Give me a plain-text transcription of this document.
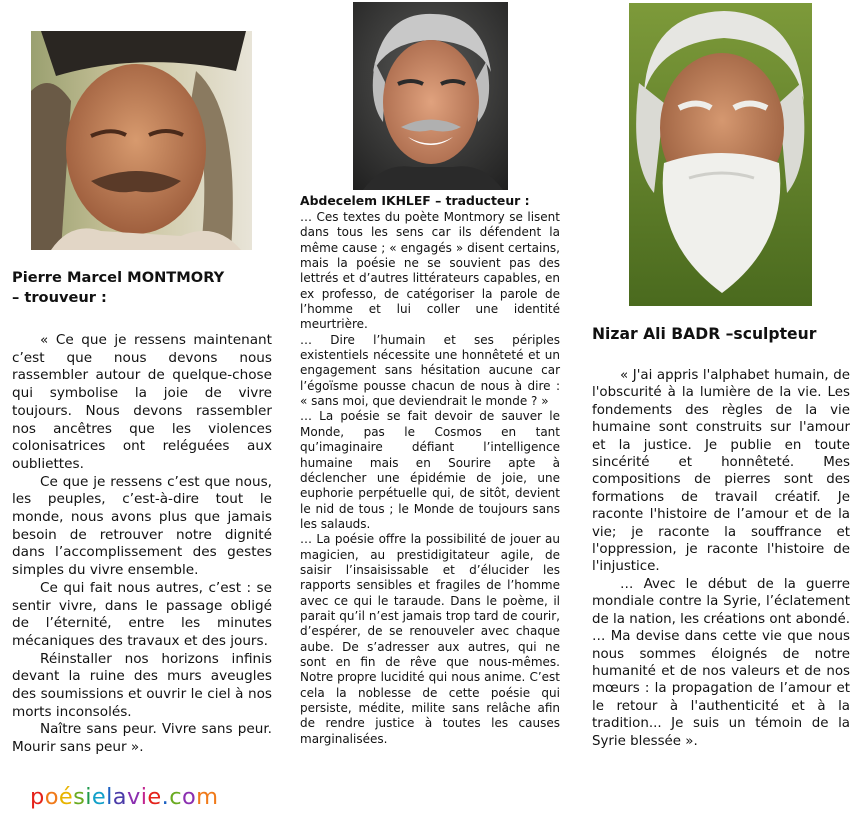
Pierre Marcel MONTMORY
– trouveur :

« Ce que je ressens maintenant c’est que nous devons nous rassembler autour de quelque-chose qui symbolise la joie de vivre toujours. Nous devons rassembler nos ancêtres que les violences colonisatrices ont reléguées aux oubliettes.

Ce que je ressens c’est que nous, les peuples, c’est-à-dire tout le monde, nous avons plus que jamais besoin de retrouver notre dignité dans l’accomplissement des gestes simples du vivre ensemble.

Ce qui fait nous autres, c’est : se sentir vivre, dans le passage obligé de l’éternité, entre les minutes mécaniques des travaux et des jours.

Réinstaller nos horizons infinis devant la ruine des murs aveugles des soumissions et ouvrir le ciel à nos morts inconsolés.

Naître sans peur. Vivre sans peur. Mourir sans peur ».

poésielavie.com
Abdecelem IKHLEF – traducteur :

… Ces textes du poète Montmory se lisent dans tous les sens car ils défendent la même cause ; « engagés » disent certains, mais la poésie ne se souvient pas des lettrés et d’autres littérateurs capables, en ex professo, de catégoriser la parole de l’homme et lui coller une identité meurtrière.

… Dire l’humain et ses périples existentiels nécessite une honnêteté et un engagement sans hésitation aucune car l’égoïsme pousse chacun de nous à dire : « sans moi, que deviendrait le monde ? »

… La poésie se fait devoir de sauver le Monde, pas le Cosmos en tant qu’imaginaire défiant l’intelligence humaine mais en Sourire apte à déclencher une épidémie de joie, une euphorie perpétuelle qui, de sitôt, devient le nid de tous ; le Monde de toujours sans les salauds.

… La poésie offre la possibilité de jouer au magicien, au prestidigitateur agile, de saisir l’insaisissable et d’élucider les rapports sensibles et fragiles de l’homme avec ce qui le taraude. Dans le poème, il parait qu’il n’est jamais trop tard de courir, d’espérer, de se renouveler avec chaque aube. De s’adresser aux autres, qui ne sont en fin de rêve que nous-mêmes. Notre propre lucidité qui nous anime. C’est cela la noblesse de cette poésie qui persiste, médite, milite sans relâche afin de rendre justice à toutes les causes marginalisées.

Nizar Ali BADR –sculpteur

« J'ai appris l'alphabet humain, de l'obscurité à la lumière de la vie. Les fondements des règles de la vie humaine sont construits sur l'amour et la justice. Je publie en toute sincérité et honnêteté. Mes compositions de pierres sont des formations de travail créatif. Je raconte l'histoire de l’amour et de la vie; je raconte la souffrance et l'oppression, je raconte l'histoire de l'injustice.

… Avec le début de la guerre mondiale contre la Syrie, l’éclatement de la nation, les créations ont abondé. … Ma devise dans cette vie que nous nous sommes éloignés de notre humanité et de nos valeurs et de nos mœurs : la propagation de l’amour et le retour à l'authenticité et à la tradition... Je suis un témoin de la Syrie blessée ».
